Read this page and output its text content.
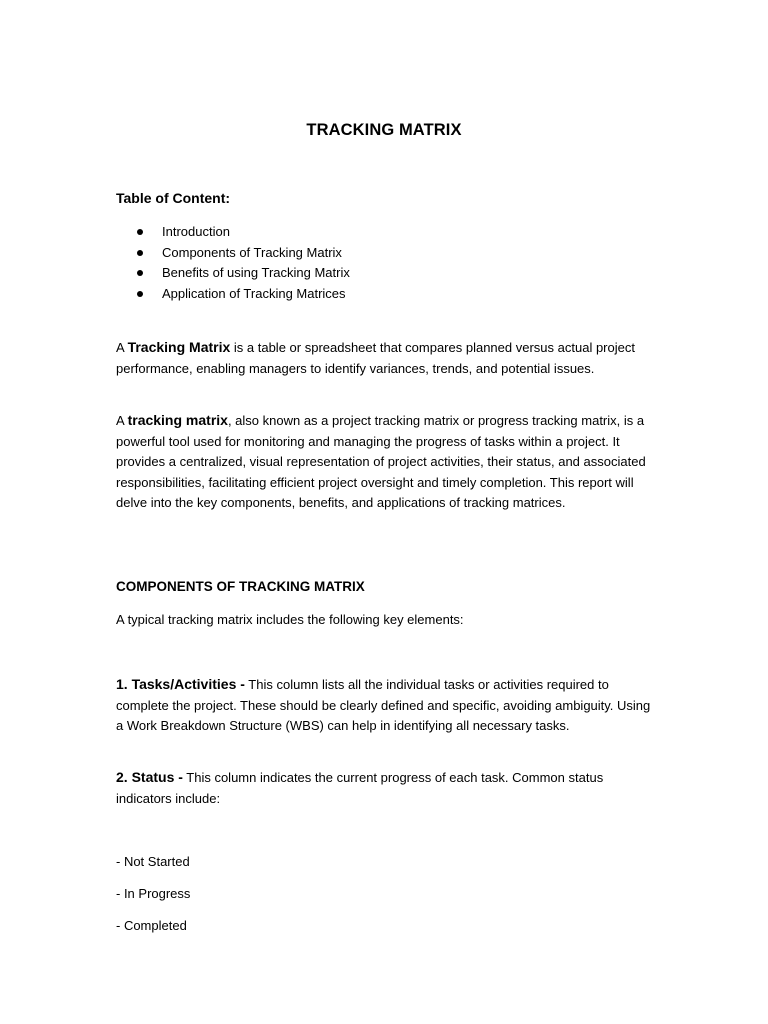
TRACKING MATRIX
Table of Content:
Introduction
Components of Tracking Matrix
Benefits of using Tracking Matrix
Application of Tracking Matrices

A Tracking Matrix is a table or spreadsheet that compares planned versus actual project performance, enabling managers to identify variances, trends, and potential issues.

A tracking matrix, also known as a project tracking matrix or progress tracking matrix, is a powerful tool used for monitoring and managing the progress of tasks within a project. It provides a centralized, visual representation of project activities, their status, and associated responsibilities, facilitating efficient project oversight and timely completion. This report will delve into the key components, benefits, and applications of tracking matrices.

COMPONENTS OF TRACKING MATRIX

A typical tracking matrix includes the following key elements:

1. Tasks/Activities - This column lists all the individual tasks or activities required to complete the project. These should be clearly defined and specific, avoiding ambiguity. Using a Work Breakdown Structure (WBS) can help in identifying all necessary tasks.

2. Status - This column indicates the current progress of each task. Common status indicators include:

- Not Started
- In Progress
- Completed
